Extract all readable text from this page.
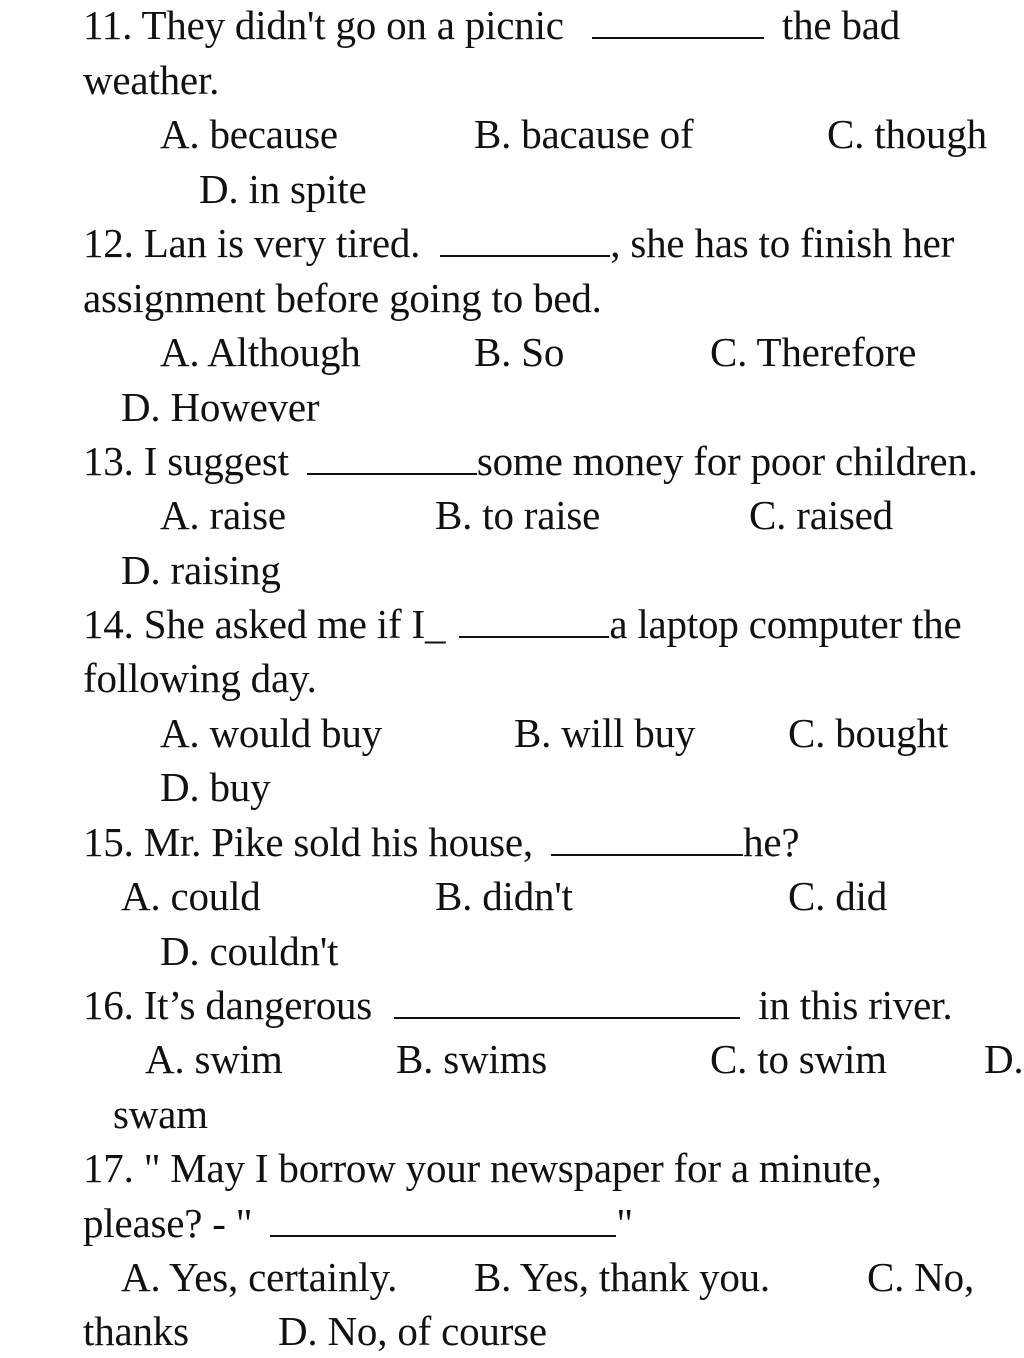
11. They didn't go on a picnic	the bad
weather.
A. because	B. bacause of	C. though
D. in spite
12. Lan is very tired.	, she has to finish her
assignment before going to bed.
A. Although	B. So	C. Therefore
D. However
13. I suggest	some money for poor children.
A. raise	B. to raise	C. raised
D. raising
14. She asked me if I_	a laptop computer the
following day.
A. would buy	B. will buy C. bought
D. buy
15. Mr. Pike sold his house,	he?
A. could	B. didn't	C. did
D. couldn't
16. It’s dangerous	in this river.
A. swim	B. swims	C. to swim D.
swam
17. " May I borrow your newspaper for a minute,
please? - "	"
A. Yes, certainly. B. Yes, thank you. C. No,
thanks D. No, of course
